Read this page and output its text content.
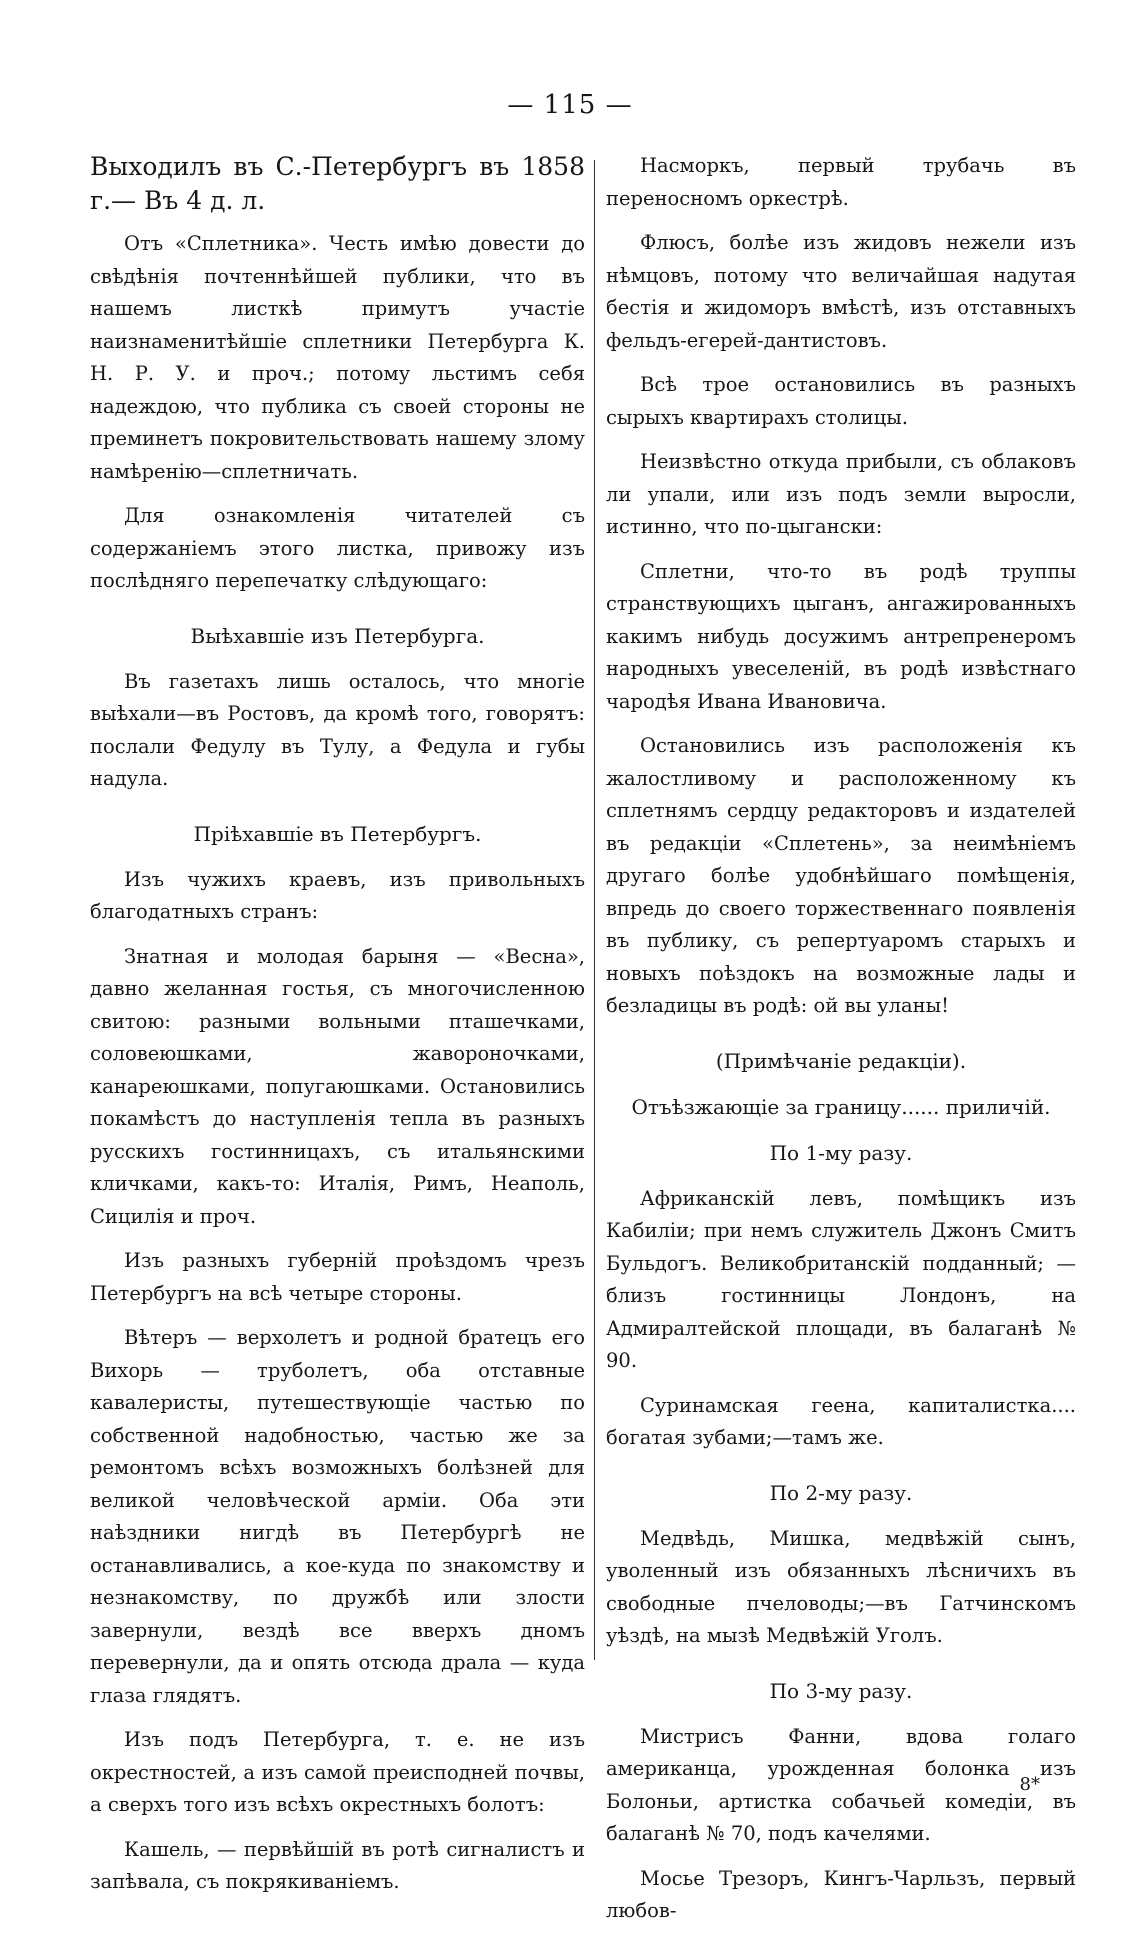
— 115 —

Выходилъ въ С.-Петербургъ въ 1858 г.— Въ 4 д. л.

Отъ «Сплетника». Честь имѣю довести до свѣдѣнія почтеннѣйшей публики, что въ нашемъ листкѣ примутъ участіе наизнаменитѣйшіе сплетники Петербурга К. Н. Р. У. и проч.; потому льстимъ себя надеждою, что публика съ своей стороны не преминетъ покровительствовать нашему злому намѣренію—сплетничать.

Для ознакомленія читателей съ содержаніемъ этого листка, привожу изъ послѣдняго перепечатку слѣдующаго:

Выѣхавшіе изъ Петербурга.

Въ газетахъ лишь осталось, что многіе выѣхали—въ Ростовъ, да кромѣ того, говорятъ: послали Федулу въ Тулу, а Федула и губы надула.

Пріѣхавшіе въ Петербургъ.

Изъ чужихъ краевъ, изъ привольныхъ благодатныхъ странъ:

Знатная и молодая барыня — «Весна», давно желанная гостья, съ многочисленною свитою: разными вольными пташечками, соловеюшками, жавороночками, канареюшками, попугаюшками. Остановились покамѣстъ до наступленія тепла въ разныхъ русскихъ гостинницахъ, съ итальянскими кличками, какъ-то: Италія, Римъ, Неаполь, Сицилія и проч.

Изъ разныхъ губерній проѣздомъ чрезъ Петербургъ на всѣ четыре стороны.

Вѣтеръ — верхолетъ и родной братецъ его Вихорь — труболетъ, оба отставные кавалеристы, путешествующіе частью по собственной надобностью, частью же за ремонтомъ всѣхъ возможныхъ болѣзней для великой человѣческой арміи. Оба эти наѣздники нигдѣ въ Петербургѣ не останавливались, а кое-куда по знакомству и незнакомству, по дружбѣ или злости завернули, вездѣ все вверхъ дномъ перевернули, да и опять отсюда драла — куда глаза глядятъ.

Изъ подъ Петербурга, т. е. не изъ окрестностей, а изъ самой преисподней почвы, а сверхъ того изъ всѣхъ окрестныхъ болотъ:

Кашель, — первѣйшій въ ротѣ сигналистъ и запѣвала, съ покрякиваніемъ.

Насморкъ, первый трубачь въ переносномъ оркестрѣ.

Флюсъ, болѣе изъ жидовъ нежели изъ нѣмцовъ, потому что величайшая надутая бестія и жидоморъ вмѣстѣ, изъ отставныхъ фельдъ-егерей-дантистовъ.

Всѣ трое остановились въ разныхъ сырыхъ квартирахъ столицы.

Неизвѣстно откуда прибыли, съ облаковъ ли упали, или изъ подъ земли выросли, истинно, что по-цыгански:

Сплетни, что-то въ родѣ труппы странствующихъ цыганъ, ангажированныхъ какимъ нибудь досужимъ антрепренеромъ народныхъ увеселеній, въ родѣ извѣстнаго чародѣя Ивана Ивановича.

Остановились изъ расположенія къ жалостливому и расположенному къ сплетнямъ сердцу редакторовъ и издателей въ редакціи «Сплетень», за неимѣніемъ другаго болѣе удобнѣйшаго помѣщенія, впредь до своего торжественнаго появленія въ публику, съ репертуаромъ старыхъ и новыхъ поѣздокъ на возможные лады и безладицы въ родѣ: ой вы уланы!

(Примѣчаніе редакціи).

Отъѣзжающіе за границу...... приличій.

По 1-му разу.

Африканскій левъ, помѣщикъ изъ Кабиліи; при немъ служитель Джонъ Смитъ Бульдогъ. Великобританскій подданный; — близъ гостинницы Лондонъ, на Адмиралтейской площади, въ балаганѣ № 90.

Суринамская геена, капиталистка.... богатая зубами;—тамъ же.

По 2-му разу.

Медвѣдь, Мишка, медвѣжій сынъ, уволенный изъ обязанныхъ лѣсничихъ въ свободные пчеловоды;—въ Гатчинскомъ уѣздѣ, на мызѣ Медвѣжій Уголъ.

По 3-му разу.

Мистрисъ Фанни, вдова голаго американца, урожденная болонка изъ Болоньи, артистка собачьей комедіи, въ балаганѣ № 70, подъ качелями.

Мосье Трезоръ, Кингъ-Чарльзъ, первый любов-

8*
